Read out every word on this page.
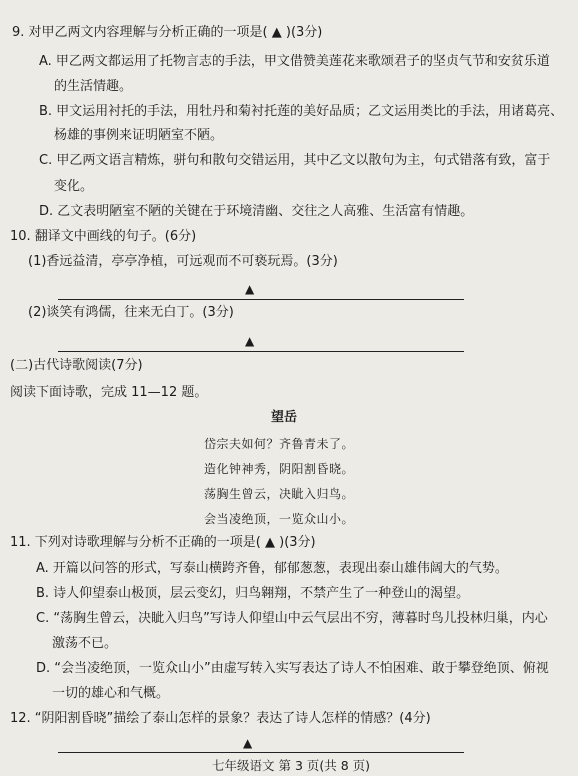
9. 对甲乙两文内容理解与分析正确的一项是( ▲ )(3分)
A. 甲乙两文都运用了托物言志的手法，甲文借赞美莲花来歌颂君子的坚贞气节和安贫乐道
的生活情趣。
B. 甲文运用衬托的手法，用牡丹和菊衬托莲的美好品质；乙文运用类比的手法，用诸葛亮、
杨雄的事例来证明陋室不陋。
C. 甲乙两文语言精炼，骈句和散句交错运用，其中乙文以散句为主，句式错落有致，富于
变化。
D. 乙文表明陋室不陋的关键在于环境清幽、交往之人高雅、生活富有情趣。
10. 翻译文中画线的句子。(6分)
(1)香远益清，亭亭净植，可远观而不可亵玩焉。(3分)
▲
(2)谈笑有鸿儒，往来无白丁。(3分)
▲
(二)古代诗歌阅读(7分)
阅读下面诗歌，完成 11—12 题。
望岳
岱宗夫如何？齐鲁青未了。
造化钟神秀，阴阳割昏晓。
荡胸生曾云，决眦入归鸟。
会当凌绝顶，一览众山小。
11. 下列对诗歌理解与分析不正确的一项是( ▲ )(3分)
A. 开篇以问答的形式，写泰山横跨齐鲁，郁郁葱葱，表现出泰山雄伟阔大的气势。
B. 诗人仰望泰山极顶，层云变幻，归鸟翱翔，不禁产生了一种登山的渴望。
C. “荡胸生曾云，决眦入归鸟”写诗人仰望山中云气层出不穷，薄暮时鸟儿投林归巢，内心
激荡不已。
D. “会当凌绝顶，一览众山小”由虚写转入实写表达了诗人不怕困难、敢于攀登绝顶、俯视
一切的雄心和气概。
12. “阴阳割昏晓”描绘了泰山怎样的景象？表达了诗人怎样的情感？(4分)
▲
七年级语文 第 3 页(共 8 页)
